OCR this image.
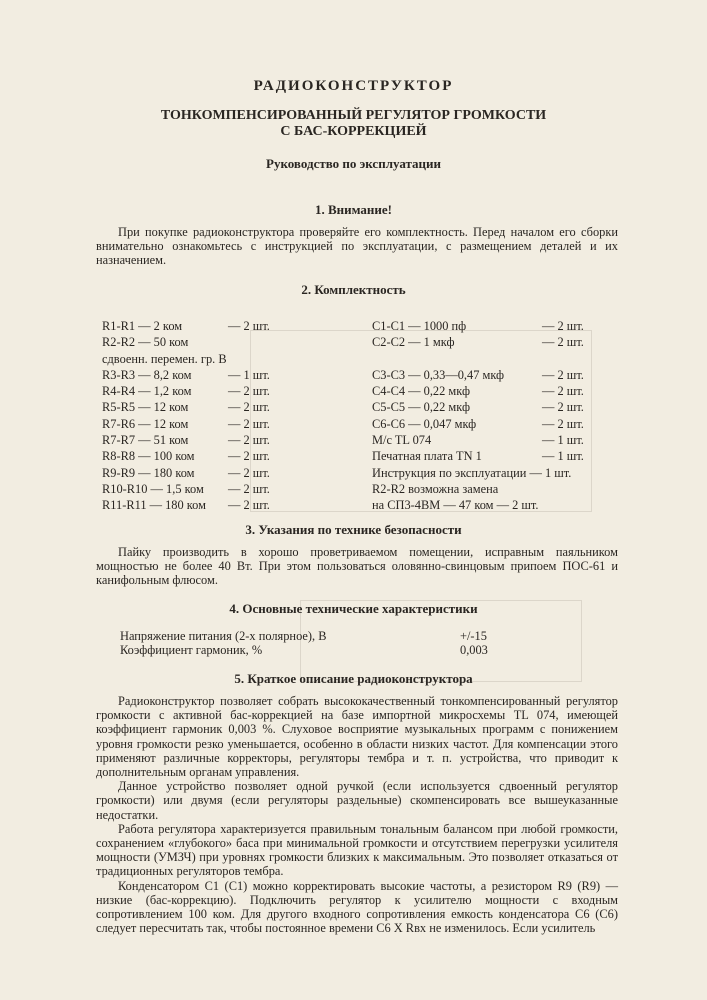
РАДИОКОНСТРУКТОР
ТОНКОМПЕНСИРОВАННЫЙ РЕГУЛЯТОР ГРОМКОСТИ
С БАС-КОРРЕКЦИЕЙ
Руководство по эксплуатации
1. Внимание!

При покупке радиоконструктора проверяйте его комплектность. Перед началом его сборки внимательно ознакомьтесь с инструкцией по эксплуатации, с размещением деталей и их назначением.

2. Комплектность
R1-R1 — 2 ком	— 2 шт.
R2-R2 — 50 ком
сдвоенн. перемен. гр. В
R3-R3 — 8,2 ком	— 1 шт.
R4-R4 — 1,2 ком	— 2 шт.
R5-R5 — 12 ком	— 2 шт.
R7-R6 — 12 ком	— 2 шт.
R7-R7 — 51 ком	— 2 шт.
R8-R8 — 100 ком	— 2 шт.
R9-R9 — 180 ком	— 2 шт.
R10-R10 — 1,5 ком — 2 шт.
R11-R11 — 180 ком — 2 шт.
C1-C1 — 1000 пф	— 2 шт.
C2-C2 — 1 мкф	— 2 шт.
C3-C3 — 0,33—0,47 мкф	— 2 шт.
C4-C4 — 0,22 мкф	— 2 шт.
C5-C5 — 0,22 мкф	— 2 шт.
C6-C6 — 0,047 мкф	— 2 шт.
M/c TL 074	— 1 шт.
Печатная плата TN 1	— 1 шт.
Инструкция по эксплуатации — 1 шт.
R2-R2 возможна замена
на СП3-4ВМ — 47 ком — 2 шт.
3. Указания по технике безопасности

Пайку производить в хорошо проветриваемом помещении, исправным паяльником мощностью не более 40 Вт. При этом пользоваться оловянно-свинцовым припоем ПОС-61 и канифольным флюсом.

4. Основные технические характеристики
Напряжение питания (2-х полярное), В	+/-15
Коэффициент гармоник, %	0,003
5. Краткое описание радиоконструктора

Радиоконструктор позволяет собрать высококачественный тонкомпенсированный регулятор громкости с активной бас-коррекцией на базе импортной микросхемы TL 074, имеющей коэффициент гармоник 0,003 %. Слуховое восприятие музыкальных программ с понижением уровня громкости резко уменьшается, особенно в области низких частот. Для компенсации этого применяют различные корректоры, регуляторы тембра и т. п. устройства, что приводит к дополнительным органам управления.

Данное устройство позволяет одной ручкой (если используется сдвоенный регулятор громкости) или двумя (если регуляторы раздельные) скомпенсировать все вышеуказанные недостатки.

Работа регулятора характеризуется правильным тональным балансом при любой громкости, сохранением «глубокого» баса при минимальной громкости и отсутствием перегрузки усилителя мощности (УМЗЧ) при уровнях громкости близких к максимальным. Это позволяет отказаться от традиционных регуляторов тембра.

Конденсатором C1 (C1) можно корректировать высокие частоты, а резистором R9 (R9) — низкие (бас-коррекцию). Подключить регулятор к усилителю мощности с входным сопротивлением 100 ком. Для другого входного сопротивления емкость конденсатора C6 (C6) следует пересчитать так, чтобы постоянное времени C6 X Rвх не изменилось. Если усилитель
